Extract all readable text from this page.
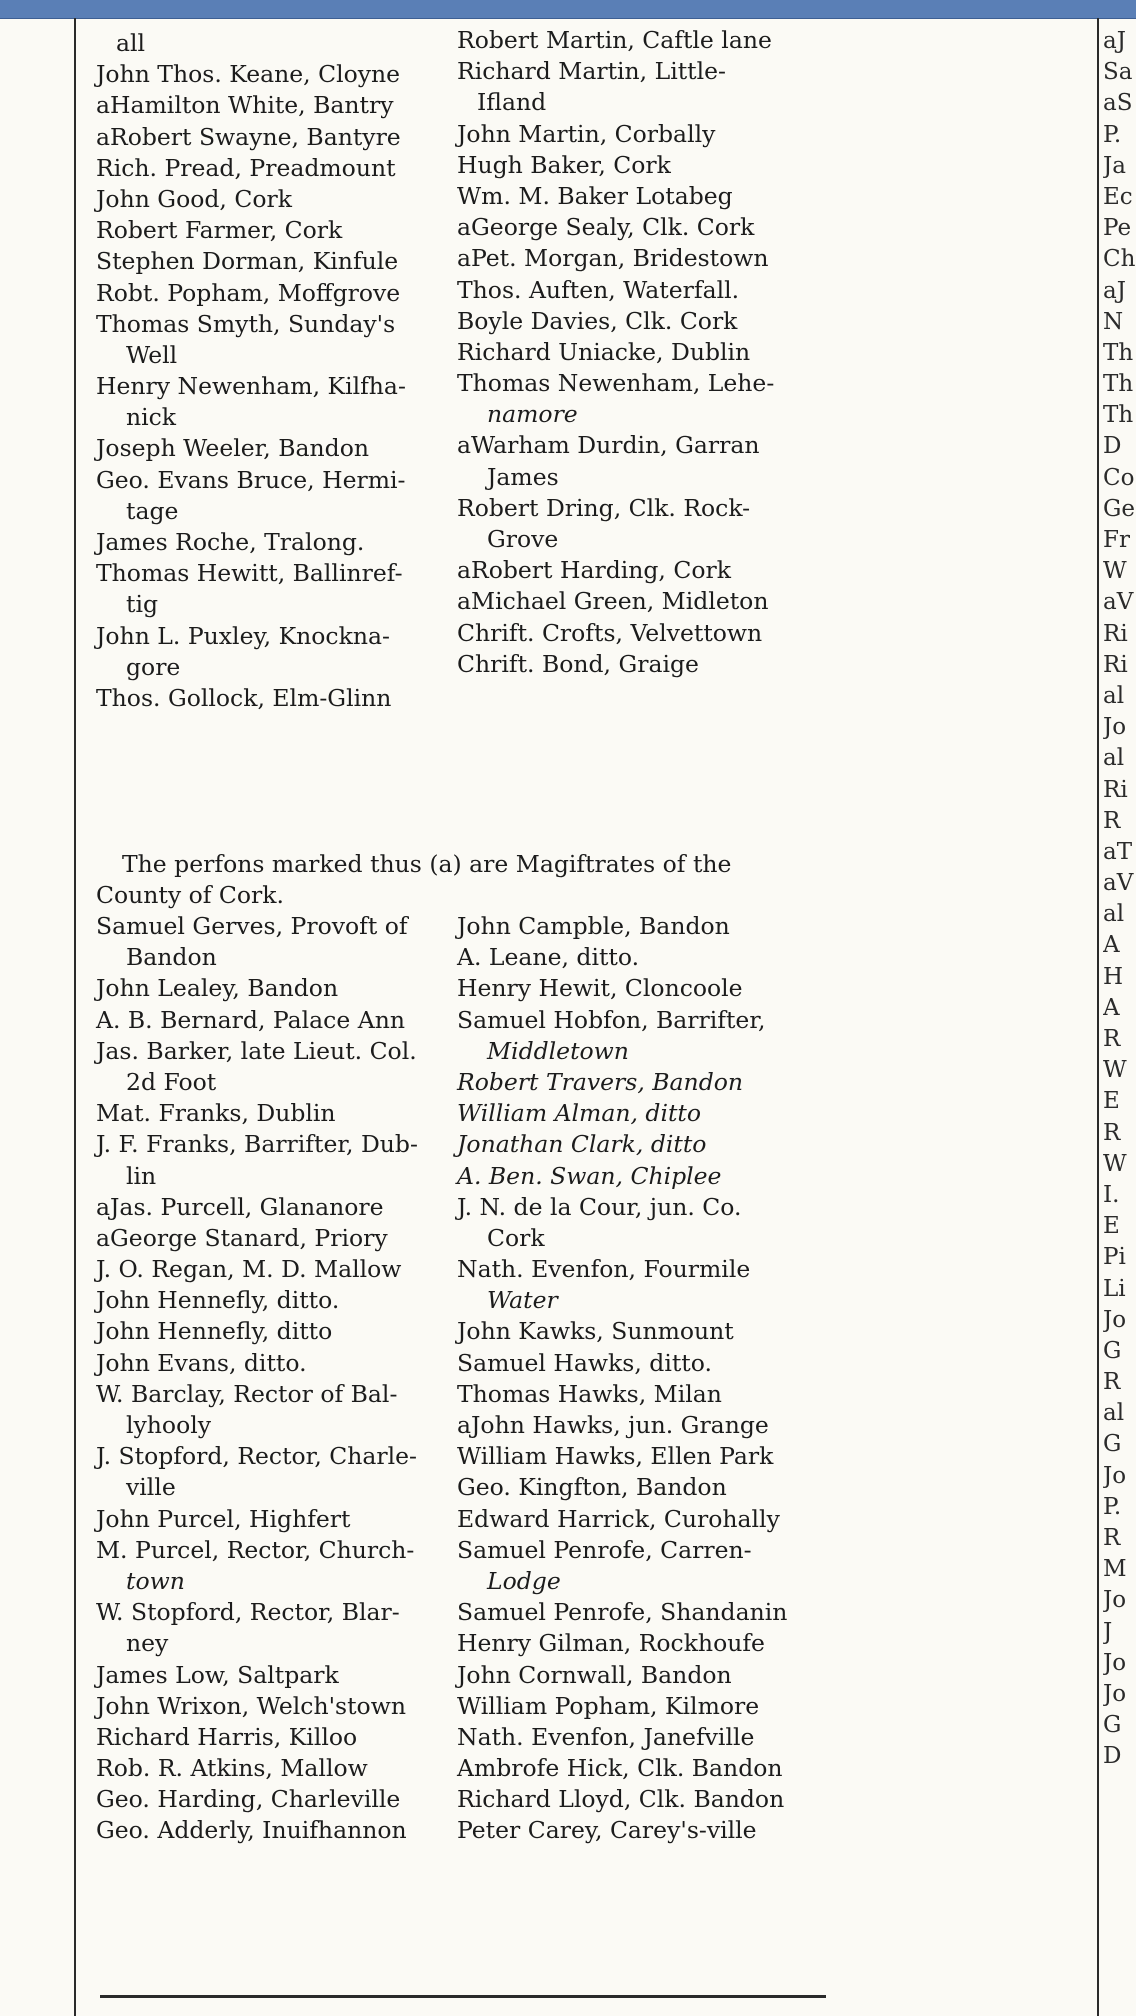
all
John Thos. Keane, Cloyne
aHamilton White, Bantry
aRobert Swayne, Bantyre
Rich. Pread, Preadmount
John Good, Cork
Robert Farmer, Cork
Stephen Dorman, Kinfule
Robt. Popham, Moffgrove
Thomas Smyth, Sunday's
Well
Henry Newenham, Kilfha-
nick
Joseph Weeler, Bandon
Geo. Evans Bruce, Hermi-
tage
James Roche, Tralong.
Thomas Hewitt, Ballinref-
tig
John L. Puxley, Knockna-
gore
Thos. Gollock, Elm-Glinn
Robert Martin, Caftle lane
Richard Martin, Little-
Ifland
John Martin, Corbally
Hugh Baker, Cork
Wm. M. Baker Lotabeg
aGeorge Sealy, Clk. Cork
aPet. Morgan, Bridestown
Thos. Auften, Waterfall.
Boyle Davies, Clk. Cork
Richard Uniacke, Dublin
Thomas Newenham, Lehe-
namore
aWarham Durdin, Garran
James
Robert Dring, Clk. Rock-
Grove
aRobert Harding, Cork
aMichael Green, Midleton
Chrift. Crofts, Velvettown
Chrift. Bond, Graige
The perfons marked thus (a) are Magiftrates of the
County of Cork.
Samuel Gerves, Provoft of
Bandon
John Lealey, Bandon
A. B. Bernard, Palace Ann
Jas. Barker, late Lieut. Col.
2d Foot
Mat. Franks, Dublin
J. F. Franks, Barrifter, Dub-
lin
aJas. Purcell, Glananore
aGeorge Stanard, Priory
J. O. Regan, M. D. Mallow
John Hennefly, ditto.
John Hennefly, ditto
John Evans, ditto.
W. Barclay, Rector of Bal-
lyhooly
J. Stopford, Rector, Charle-
ville
John Purcel, Highfert
M. Purcel, Rector, Church-
town
W. Stopford, Rector, Blar-
ney
James Low, Saltpark
John Wrixon, Welch'stown
Richard Harris, Killoo
Rob. R. Atkins, Mallow
Geo. Harding, Charleville
Geo. Adderly, Inuifhannon
John Campble, Bandon
A. Leane, ditto.
Henry Hewit, Cloncoole
Samuel Hobfon, Barrifter,
Middletown
Robert Travers, Bandon
William Alman, ditto
Jonathan Clark, ditto
A. Ben. Swan, Chiplee
J. N. de la Cour, jun. Co.
Cork
Nath. Evenfon, Fourmile
Water
John Kawks, Sunmount
Samuel Hawks, ditto.
Thomas Hawks, Milan
aJohn Hawks, jun. Grange
William Hawks, Ellen Park
Geo. Kingfton, Bandon
Edward Harrick, Curohally
Samuel Penrofe, Carren-
Lodge
Samuel Penrofe, Shandanin
Henry Gilman, Rockhoufe
John Cornwall, Bandon
William Popham, Kilmore
Nath. Evenfon, Janefville
Ambrofe Hick, Clk. Bandon
Richard Lloyd, Clk. Bandon
Peter Carey, Carey's-ville
aJ
Sa
aS
P.
Ja
Ec
Pe
Ch
aJ
N
Th
Th
Th
D
Co
Ge
Fr
W
aV
Ri
Ri
al
Jo
al
Ri
R
aT
aV
al
A
H
A
R
W
E
R
W
I.
E
Pi
Li
Jo
G
R
al
G
Jo
P.
R
M
Jo
J
Jo
Jo
G
D
